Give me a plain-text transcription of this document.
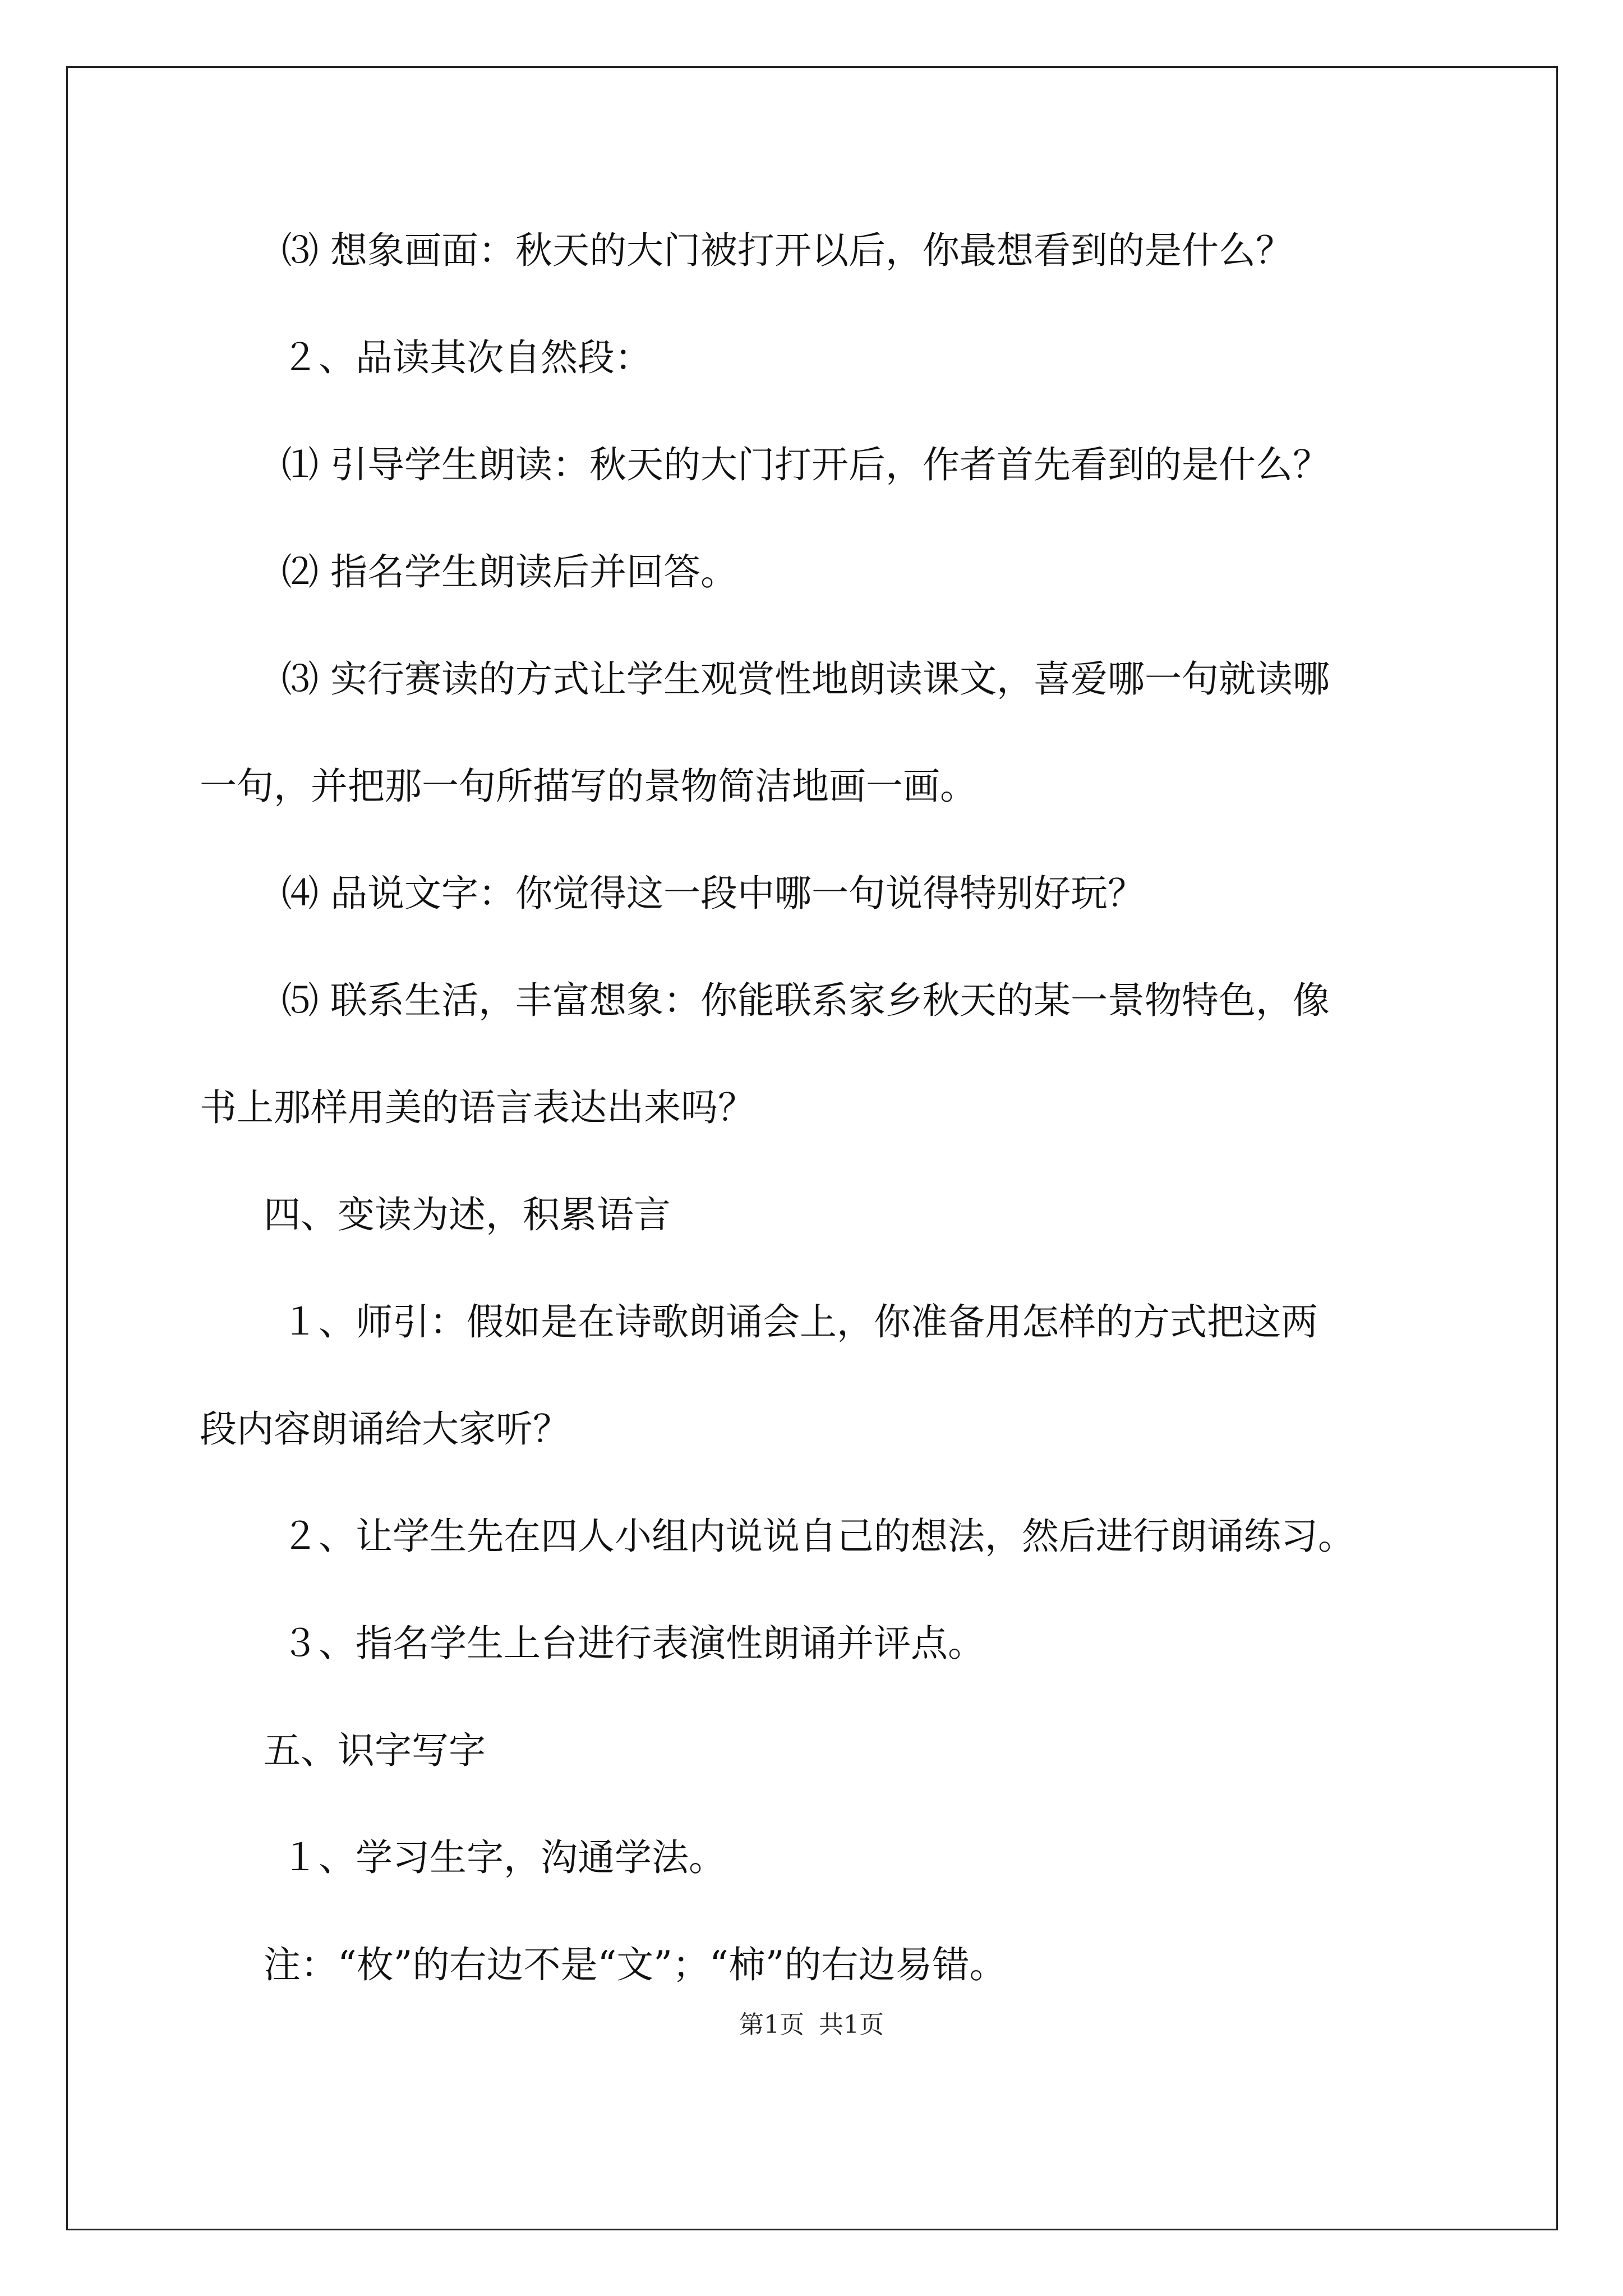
⑶ 想象画面：秋天的大门被打开以后，你最想看到的是什么？
２、品读其次自然段：
⑴ 引导学生朗读：秋天的大门打开后，作者首先看到的是什么？
⑵ 指名学生朗读后并回答。
⑶ 实行赛读的方式让学生观赏性地朗读课文，喜爱哪一句就读哪
一句，并把那一句所描写的景物简洁地画一画。
⑷ 品说文字：你觉得这一段中哪一句说得特别好玩？
⑸ 联系生活，丰富想象：你能联系家乡秋天的某一景物特色，像
书上那样用美的语言表达出来吗？
四、变读为述，积累语言
１、师引：假如是在诗歌朗诵会上，你准备用怎样的方式把这两
段内容朗诵给大家听？
２、让学生先在四人小组内说说自己的想法，然后进行朗诵练习。
３、指名学生上台进行表演性朗诵并评点。
五、识字写字
１、学习生字，沟通学法。
注：“枚”的右边不是“文”；“柿”的右边易错。
第1页 共1页
